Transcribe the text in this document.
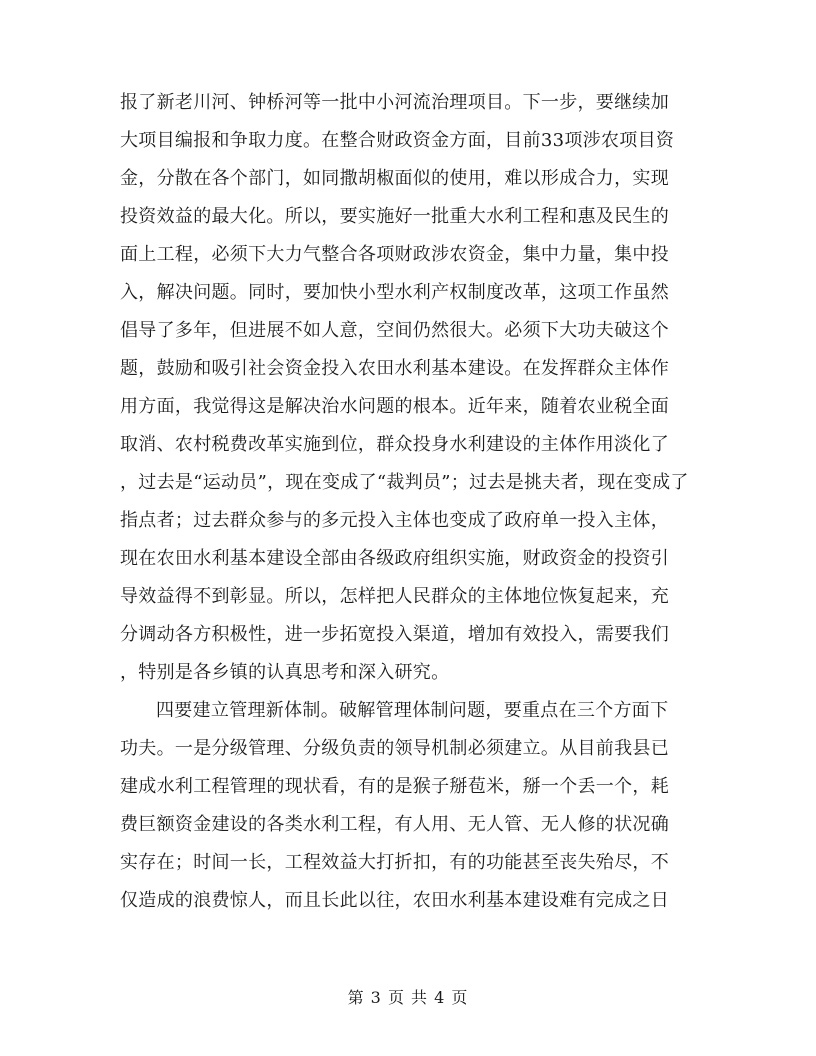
报了新老川河、钟桥河等一批中小河流治理项目。下一步，要继续加
大项目编报和争取力度。在整合财政资金方面，目前33项涉农项目资
金，分散在各个部门，如同撒胡椒面似的使用，难以形成合力，实现
投资效益的最大化。所以，要实施好一批重大水利工程和惠及民生的
面上工程，必须下大力气整合各项财政涉农资金，集中力量，集中投
入，解决问题。同时，要加快小型水利产权制度改革，这项工作虽然
倡导了多年，但进展不如人意，空间仍然很大。必须下大功夫破这个
题，鼓励和吸引社会资金投入农田水利基本建设。在发挥群众主体作
用方面，我觉得这是解决治水问题的根本。近年来，随着农业税全面
取消、农村税费改革实施到位，群众投身水利建设的主体作用淡化了
，过去是“运动员”，现在变成了“裁判员”；过去是挑夫者，现在变成了
指点者；过去群众参与的多元投入主体也变成了政府单一投入主体，
现在农田水利基本建设全部由各级政府组织实施，财政资金的投资引
导效益得不到彰显。所以，怎样把人民群众的主体地位恢复起来，充
分调动各方积极性，进一步拓宽投入渠道，增加有效投入，需要我们
，特别是各乡镇的认真思考和深入研究。
四要建立管理新体制。破解管理体制问题，要重点在三个方面下
功夫。一是分级管理、分级负责的领导机制必须建立。从目前我县已
建成水利工程管理的现状看，有的是猴子掰苞米，掰一个丢一个，耗
费巨额资金建设的各类水利工程，有人用、无人管、无人修的状况确
实存在；时间一长，工程效益大打折扣，有的功能甚至丧失殆尽，不
仅造成的浪费惊人，而且长此以往，农田水利基本建设难有完成之日
第 3 页 共 4 页
